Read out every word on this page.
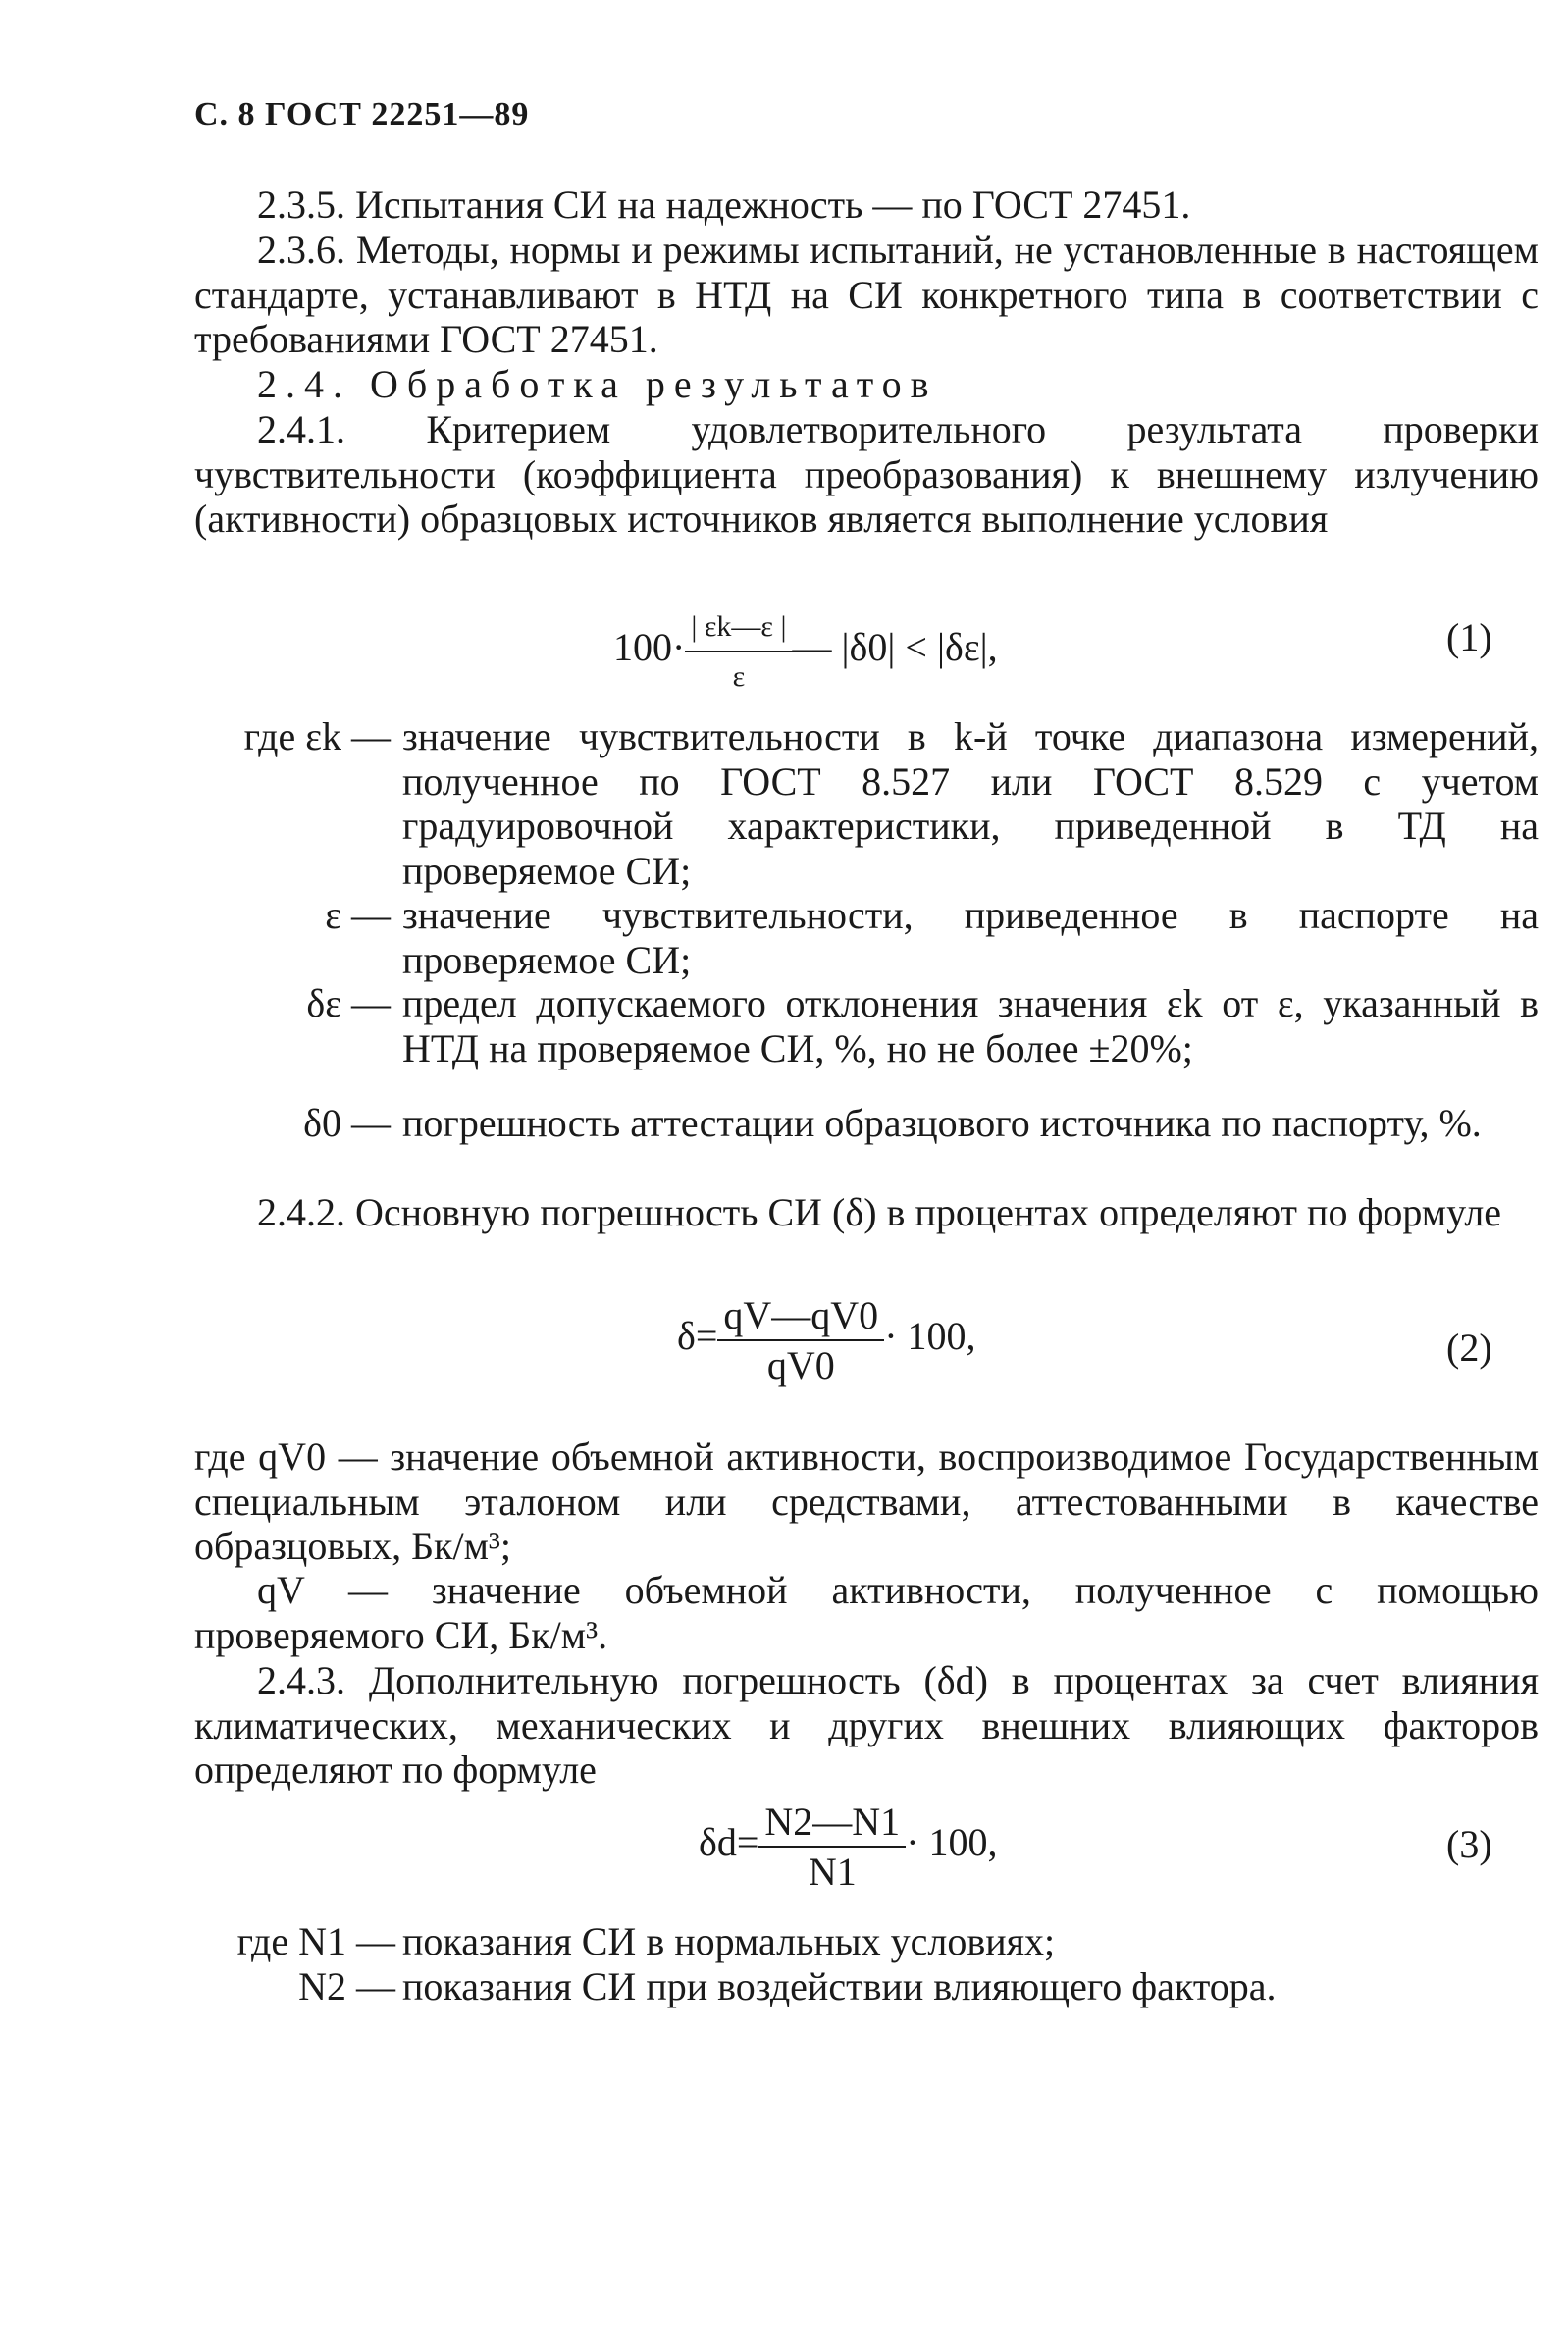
С. 8 ГОСТ 22251—89
2.3.5. Испытания СИ на надежность — по ГОСТ 27451.
2.3.6. Методы, нормы и режимы испытаний, не установленные в настоящем стандарте, устанавливают в НТД на СИ конкретного типа в соответствии с требованиями ГОСТ 27451.
2.4. Обработка результатов
2.4.1. Критерием удовлетворительного результата проверки чувствительности (коэффициента преобразования) к внешнему излучению (активности) образцовых источников является выполнение условия
$100\cdot \frac{| \varepsilon k—\varepsilon |}{\varepsilon}$ — |δ0| < |δε|,	(1)
где εk — значение чувствительности в k-й точке диапазона измерений, полученное по ГОСТ 8.527 или ГОСТ 8.529 с учетом градуировочной характеристики, приведенной в ТД на проверяемое СИ;
ε — значение чувствительности, приведенное в паспорте на проверяемое СИ;
δε — предел допускаемого отклонения значения εk от ε, указанный в НТД на проверяемое СИ, %, но не более ±20%;
δ0 — погрешность аттестации образцового источника по паспорту, %.
2.4.2. Основную погрешность СИ (δ) в процентах определяют по формуле
$\delta= \frac{qV—qV0}{qV0} \cdot 100$,	(2)
где qV0 — значение объемной активности, воспроизводимое Государственным специальным эталоном или средствами, аттестованными в качестве образцовых, Бк/м³;
qV — значение объемной активности, полученное с помощью проверяемого СИ, Бк/м³.
2.4.3. Дополнительную погрешность (δd) в процентах за счет влияния климатических, механических и других внешних влияющих факторов определяют по формуле
$\delta d= \frac{N2—N1}{N1} \cdot 100$,	(3)
где N1 — показания СИ в нормальных условиях;
N2 — показания СИ при воздействии влияющего фактора.
